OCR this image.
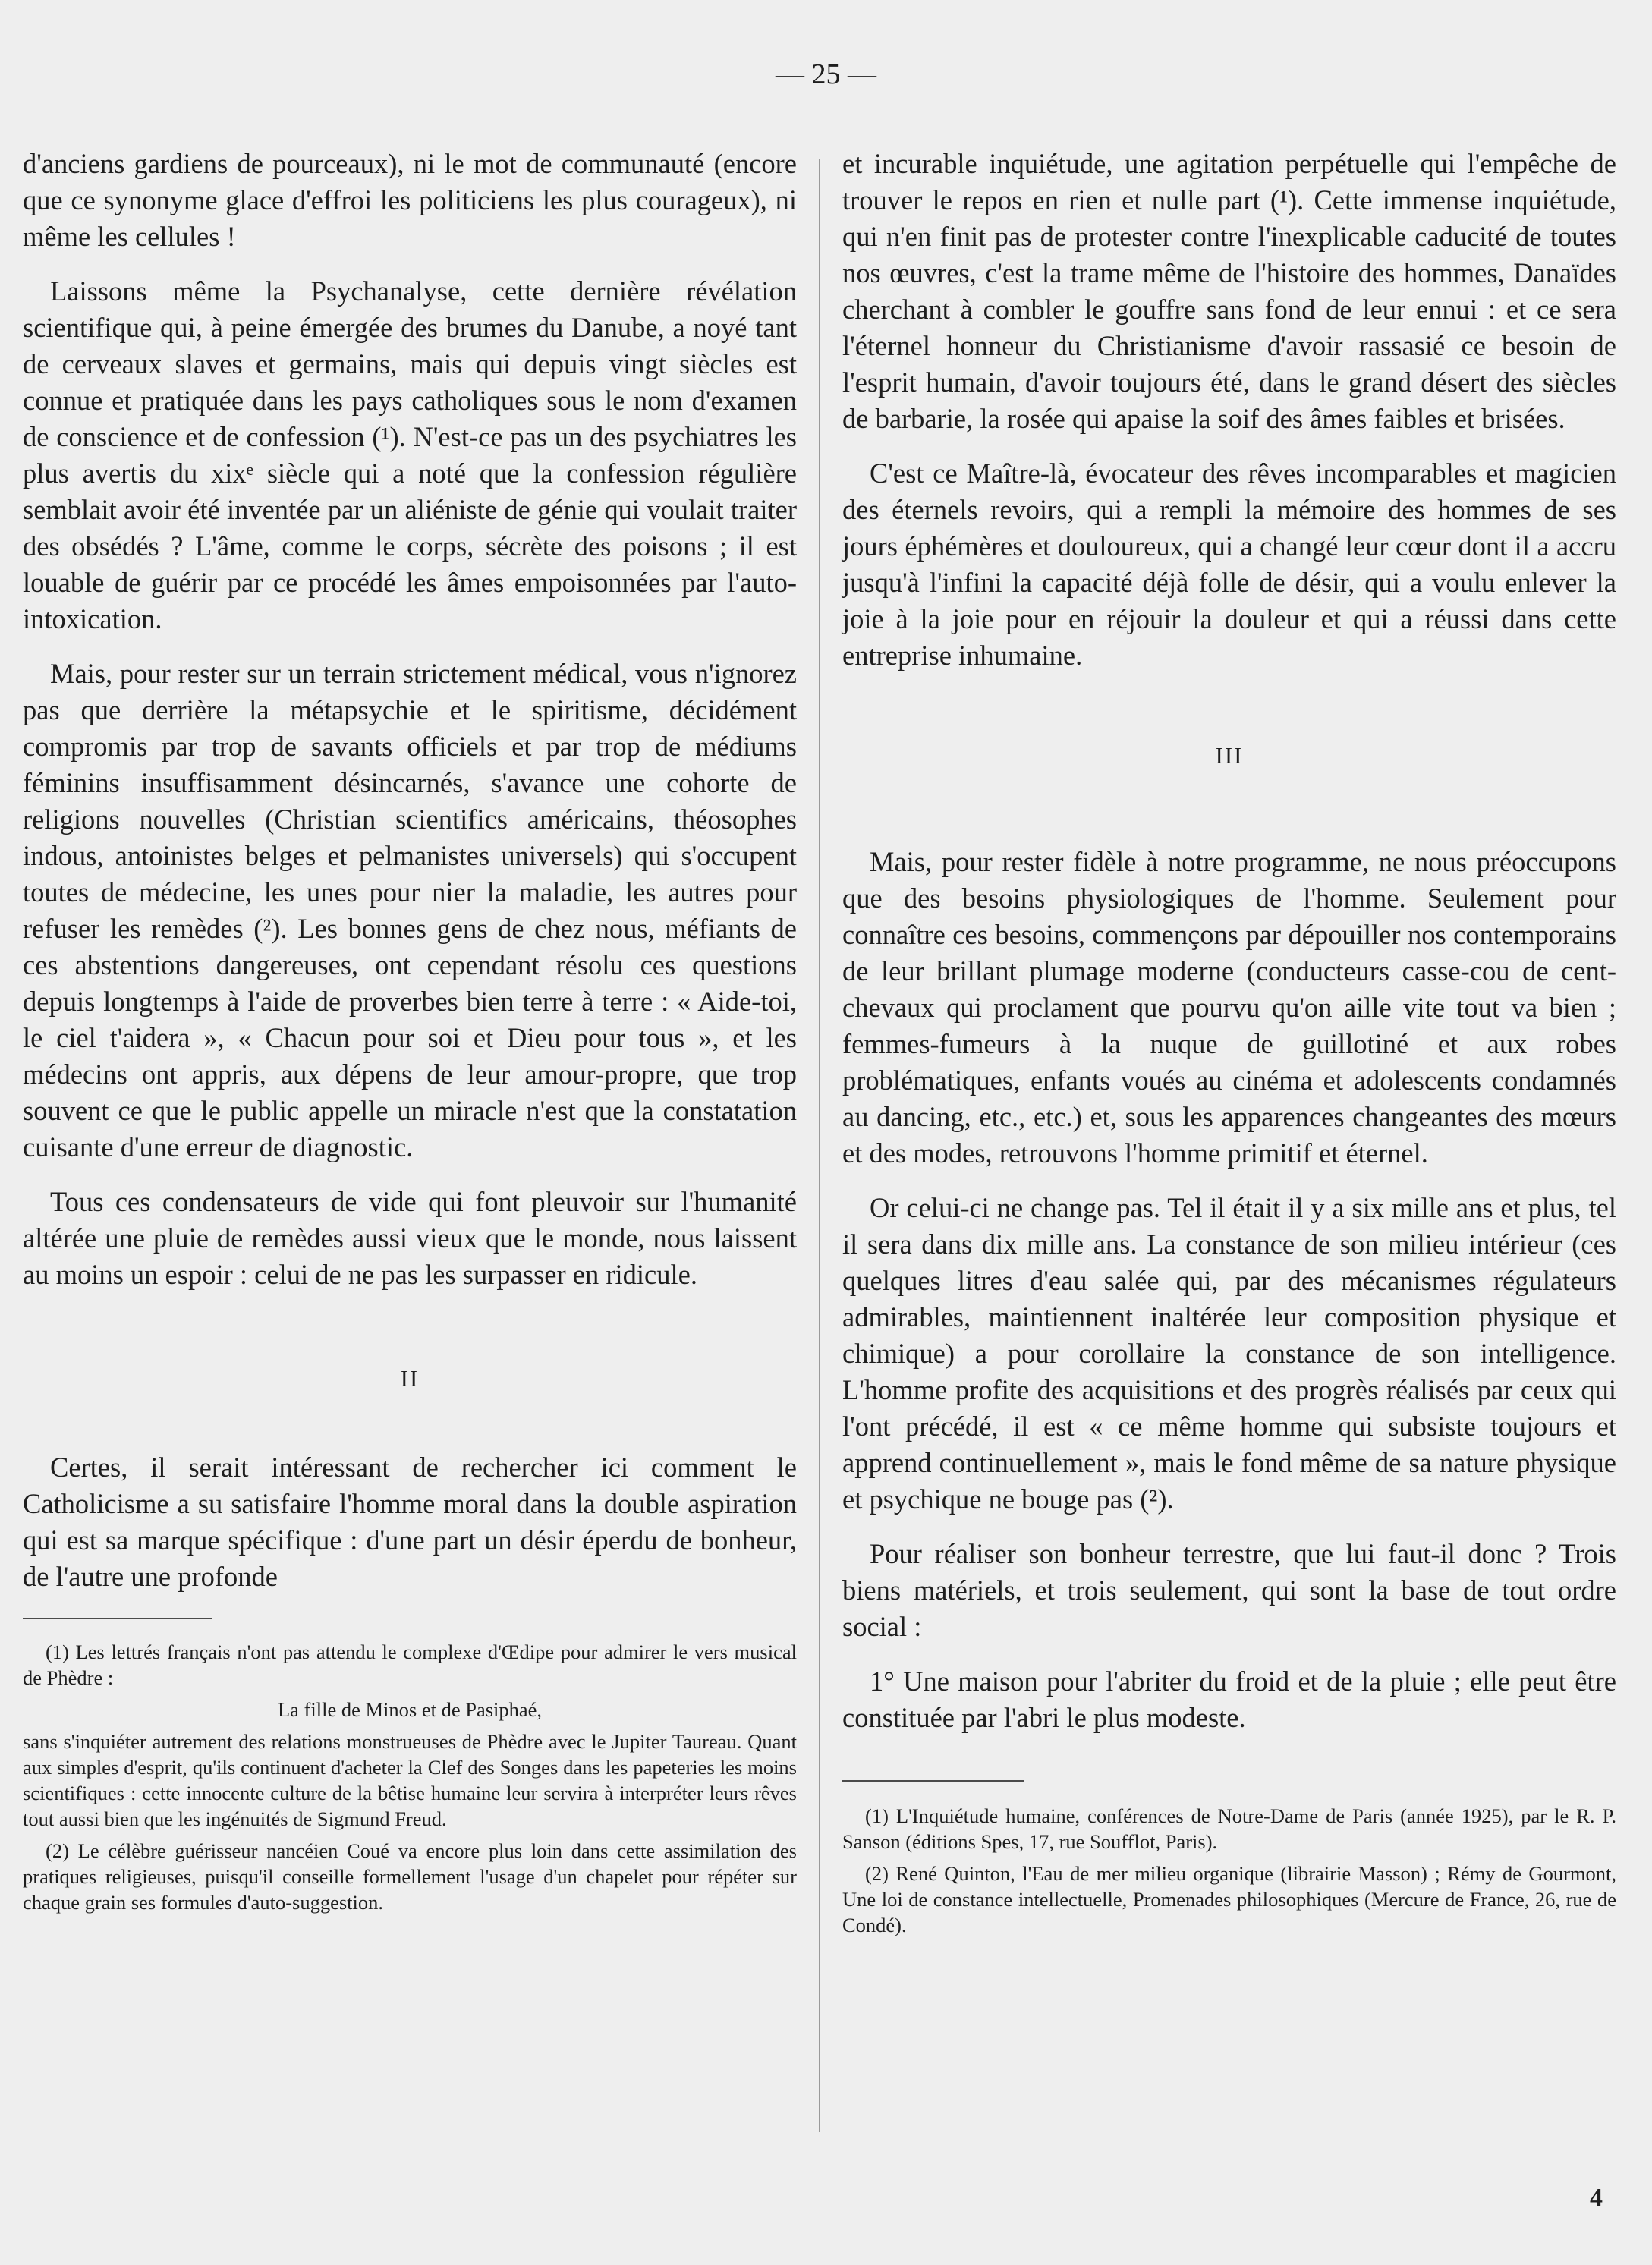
— 25 —

d'anciens gardiens de pourceaux), ni le mot de communauté (encore que ce synonyme glace d'effroi les politiciens les plus courageux), ni même les cellules !

Laissons même la Psychanalyse, cette dernière révélation scientifique qui, à peine émergée des brumes du Danube, a noyé tant de cerveaux slaves et germains, mais qui depuis vingt siècles est connue et pratiquée dans les pays catholiques sous le nom d'examen de conscience et de confession (¹). N'est-ce pas un des psychiatres les plus avertis du xixᵉ siècle qui a noté que la confession régulière semblait avoir été inventée par un aliéniste de génie qui voulait traiter des obsédés ? L'âme, comme le corps, sécrète des poisons ; il est louable de guérir par ce procédé les âmes empoisonnées par l'auto-intoxication.

Mais, pour rester sur un terrain strictement médical, vous n'ignorez pas que derrière la métapsychie et le spiritisme, décidément compromis par trop de savants officiels et par trop de médiums féminins insuffisamment désincarnés, s'avance une cohorte de religions nouvelles (Christian scientifics américains, théosophes indous, antoinistes belges et pelmanistes universels) qui s'occupent toutes de médecine, les unes pour nier la maladie, les autres pour refuser les remèdes (²). Les bonnes gens de chez nous, méfiants de ces abstentions dangereuses, ont cependant résolu ces questions depuis longtemps à l'aide de proverbes bien terre à terre : « Aide-toi, le ciel t'aidera », « Chacun pour soi et Dieu pour tous », et les médecins ont appris, aux dépens de leur amour-propre, que trop souvent ce que le public appelle un miracle n'est que la constatation cuisante d'une erreur de diagnostic.

Tous ces condensateurs de vide qui font pleuvoir sur l'humanité altérée une pluie de remèdes aussi vieux que le monde, nous laissent au moins un espoir : celui de ne pas les surpasser en ridicule.

II

Certes, il serait intéressant de rechercher ici comment le Catholicisme a su satisfaire l'homme moral dans la double aspiration qui est sa marque spécifique : d'une part un désir éperdu de bonheur, de l'autre une profonde

(1) Les lettrés français n'ont pas attendu le complexe d'Œdipe pour admirer le vers musical de Phèdre :

La fille de Minos et de Pasiphaé,

sans s'inquiéter autrement des relations monstrueuses de Phèdre avec le Jupiter Taureau. Quant aux simples d'esprit, qu'ils continuent d'acheter la Clef des Songes dans les papeteries les moins scientifiques : cette innocente culture de la bêtise humaine leur servira à interpréter leurs rêves tout aussi bien que les ingénuités de Sigmund Freud.

(2) Le célèbre guérisseur nancéien Coué va encore plus loin dans cette assimilation des pratiques religieuses, puisqu'il conseille formellement l'usage d'un chapelet pour répéter sur chaque grain ses formules d'auto-suggestion.

et incurable inquiétude, une agitation perpétuelle qui l'empêche de trouver le repos en rien et nulle part (¹). Cette immense inquiétude, qui n'en finit pas de protester contre l'inexplicable caducité de toutes nos œuvres, c'est la trame même de l'histoire des hommes, Danaïdes cherchant à combler le gouffre sans fond de leur ennui : et ce sera l'éternel honneur du Christianisme d'avoir rassasié ce besoin de l'esprit humain, d'avoir toujours été, dans le grand désert des siècles de barbarie, la rosée qui apaise la soif des âmes faibles et brisées.

C'est ce Maître-là, évocateur des rêves incomparables et magicien des éternels revoirs, qui a rempli la mémoire des hommes de ses jours éphémères et douloureux, qui a changé leur cœur dont il a accru jusqu'à l'infini la capacité déjà folle de désir, qui a voulu enlever la joie à la joie pour en réjouir la douleur et qui a réussi dans cette entreprise inhumaine.

III

Mais, pour rester fidèle à notre programme, ne nous préoccupons que des besoins physiologiques de l'homme. Seulement pour connaître ces besoins, commençons par dépouiller nos contemporains de leur brillant plumage moderne (conducteurs casse-cou de cent-chevaux qui proclament que pourvu qu'on aille vite tout va bien ; femmes-fumeurs à la nuque de guillotiné et aux robes problématiques, enfants voués au cinéma et adolescents condamnés au dancing, etc., etc.) et, sous les apparences changeantes des mœurs et des modes, retrouvons l'homme primitif et éternel.

Or celui-ci ne change pas. Tel il était il y a six mille ans et plus, tel il sera dans dix mille ans. La constance de son milieu intérieur (ces quelques litres d'eau salée qui, par des mécanismes régulateurs admirables, maintiennent inaltérée leur composition physique et chimique) a pour corollaire la constance de son intelligence. L'homme profite des acquisitions et des progrès réalisés par ceux qui l'ont précédé, il est « ce même homme qui subsiste toujours et apprend continuellement », mais le fond même de sa nature physique et psychique ne bouge pas (²).

Pour réaliser son bonheur terrestre, que lui faut-il donc ? Trois biens matériels, et trois seulement, qui sont la base de tout ordre social :

1° Une maison pour l'abriter du froid et de la pluie ; elle peut être constituée par l'abri le plus modeste.

(1) L'Inquiétude humaine, conférences de Notre-Dame de Paris (année 1925), par le R. P. Sanson (éditions Spes, 17, rue Soufflot, Paris).

(2) René Quinton, l'Eau de mer milieu organique (librairie Masson) ; Rémy de Gourmont, Une loi de constance intellectuelle, Promenades philosophiques (Mercure de France, 26, rue de Condé).

4
